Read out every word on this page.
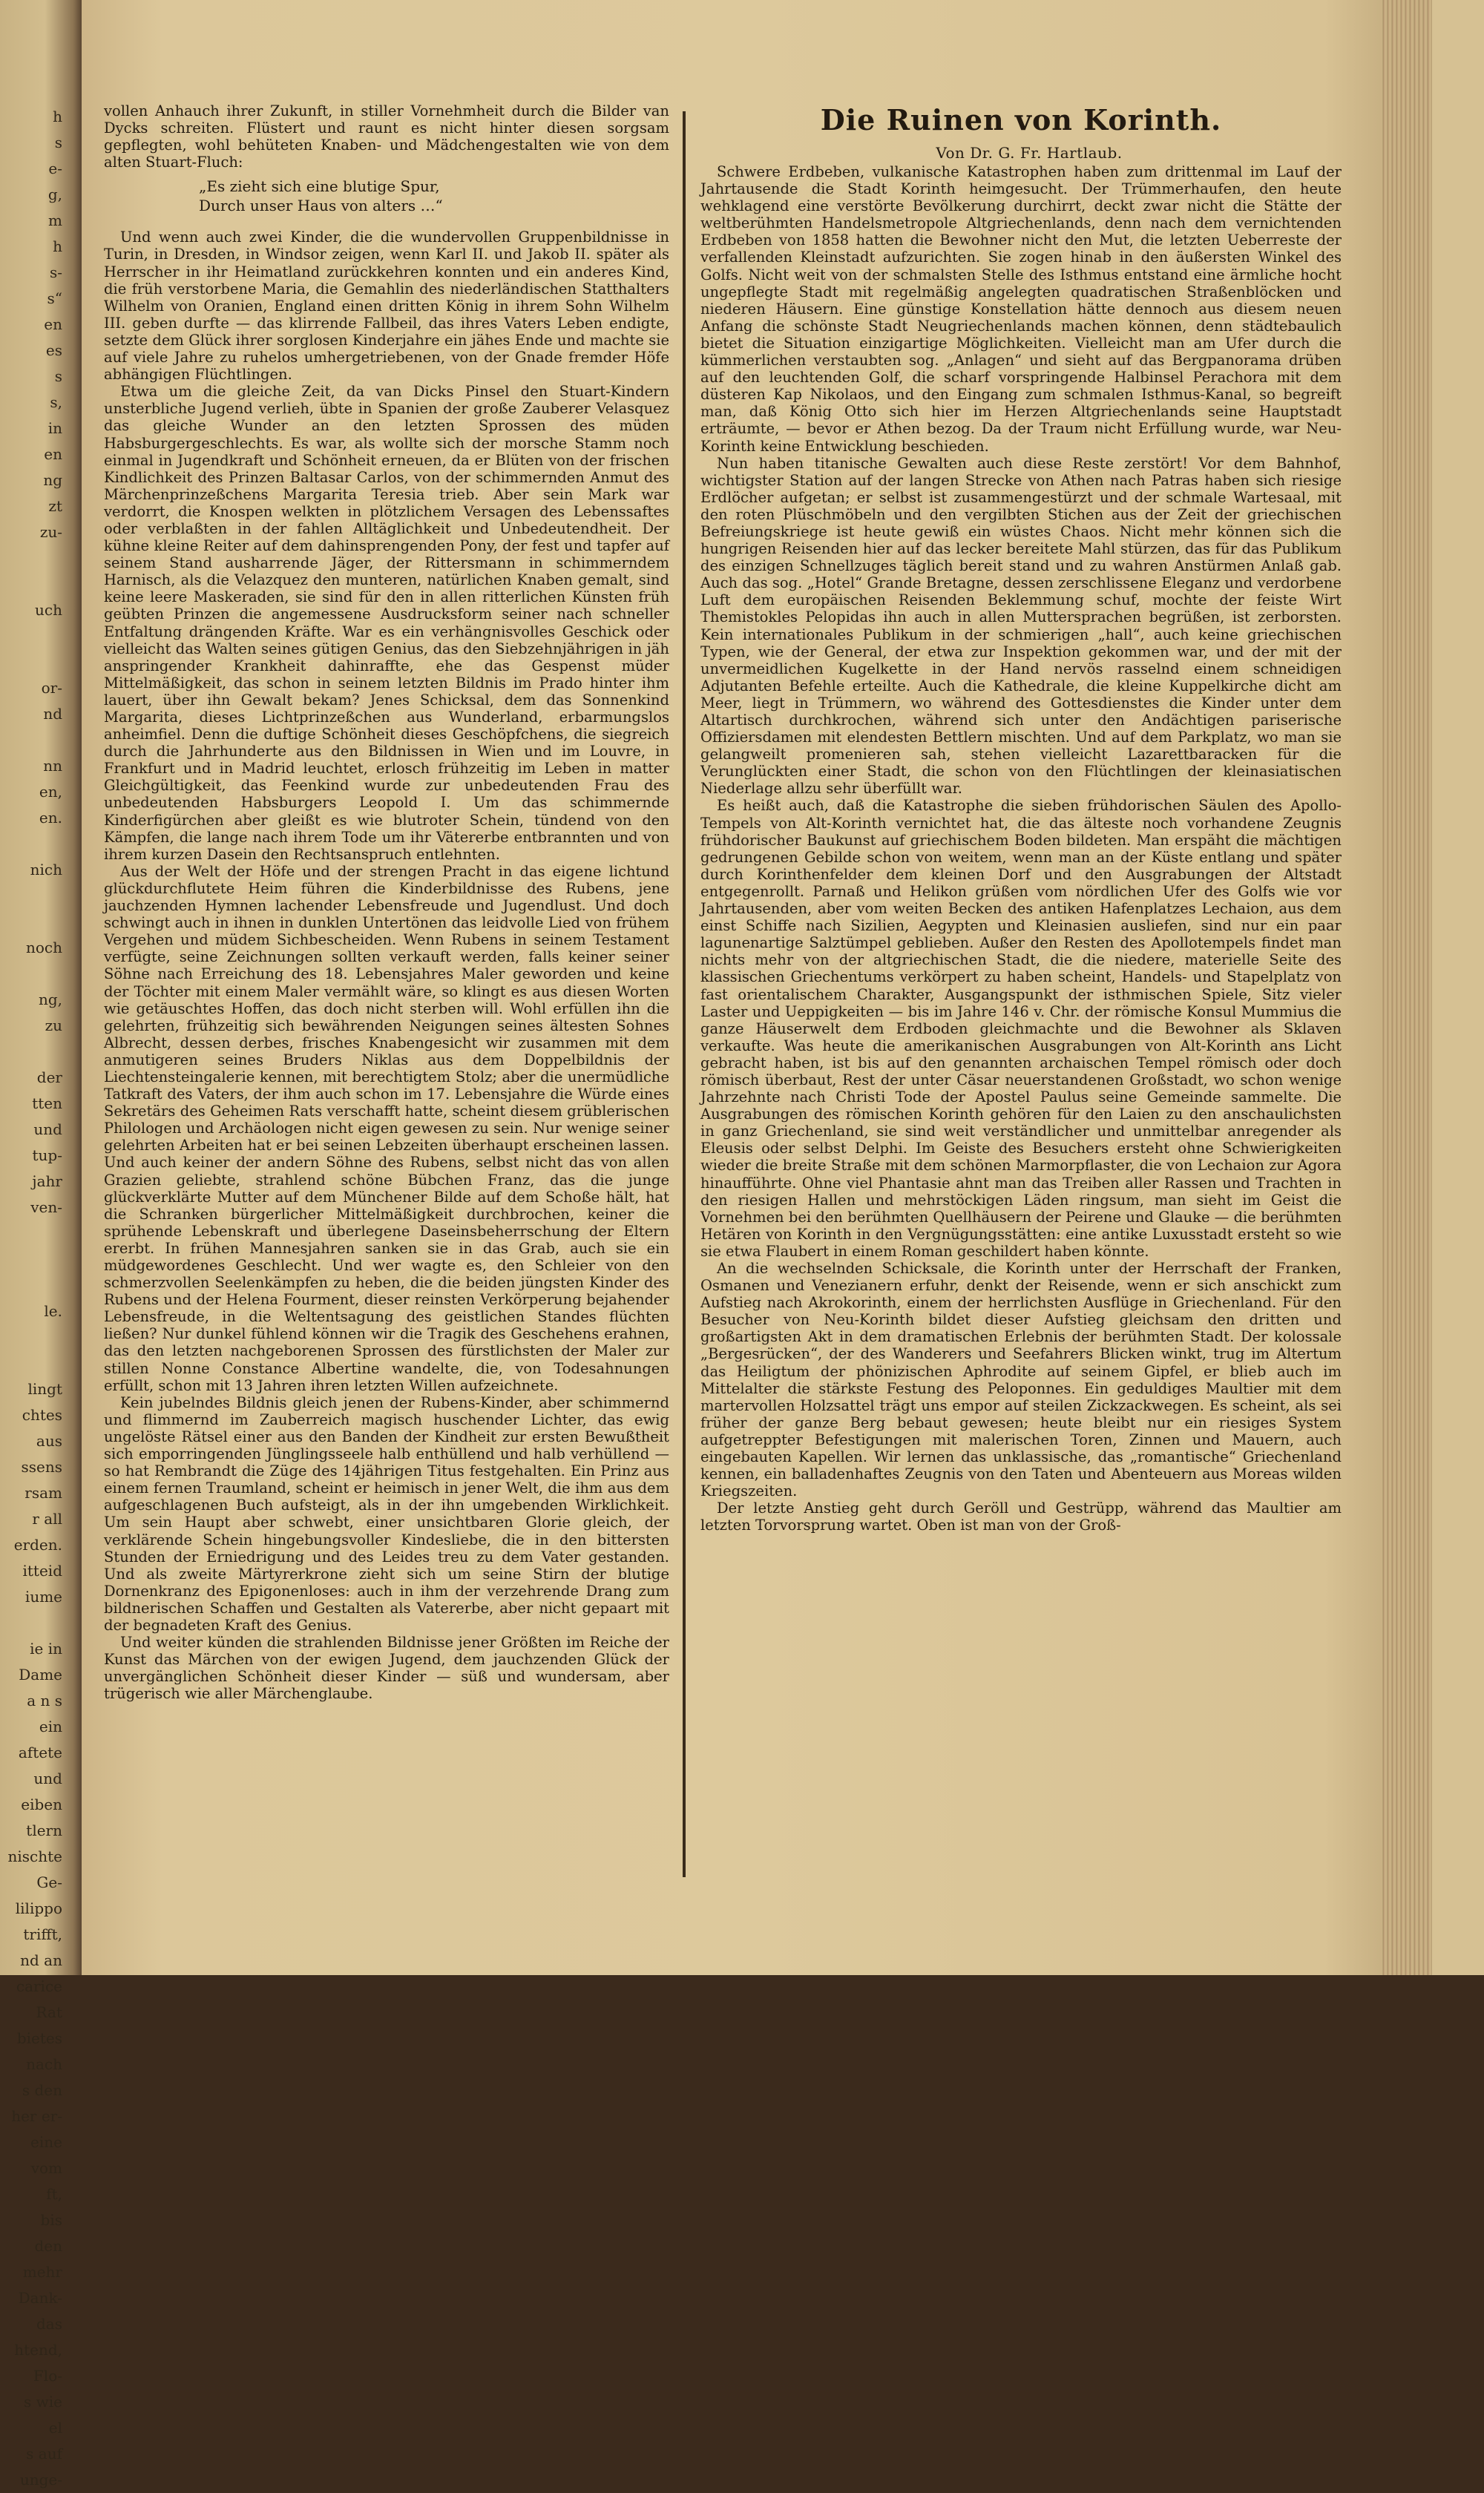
h
s
e-
g,
m
h
s-
s“
en
es
s
s,
in
en
ng
zt
zu-
uch
or-
nd
nn
en,
en.
nich
noch
ng,
zu
der
tten
und
tup-
jahr
ven-
le.
lingt
chtes
aus
ssens
rsam
r all
erden.
itteid
iume
ie in
Dame
a n s
ein
aftete
und
eiben
tlern
nischte
Ge-
lilippo
trifft,
nd an
carice
Rat
bietes
nach
s den
her er-
eine
vom
ft,
bis
den
mehr
Dank-
das
htend,
Flo-
s wie
el
s auf
unge-

vollen Anhauch ihrer Zukunft, in stiller Vornehmheit durch die Bilder van Dycks schreiten. Flüstert und raunt es nicht hinter diesen sorgsam gepflegten, wohl behüteten Knaben- und Mädchengestalten wie von dem alten Stuart-Fluch:

„Es zieht sich eine blutige Spur,
Durch unser Haus von alters …“

Und wenn auch zwei Kinder, die die wundervollen Gruppenbildnisse in Turin, in Dresden, in Windsor zeigen, wenn Karl II. und Jakob II. später als Herrscher in ihr Heimatland zurückkehren konnten und ein anderes Kind, die früh verstorbene Maria, die Gemahlin des niederländischen Statthalters Wilhelm von Oranien, England einen dritten König in ihrem Sohn Wilhelm III. geben durfte — das klirrende Fallbeil, das ihres Vaters Leben endigte, setzte dem Glück ihrer sorglosen Kinderjahre ein jähes Ende und machte sie auf viele Jahre zu ruhelos umhergetriebenen, von der Gnade fremder Höfe abhängigen Flüchtlingen.

Etwa um die gleiche Zeit, da van Dicks Pinsel den Stuart-Kindern unsterbliche Jugend verlieh, übte in Spanien der große Zauberer Velasquez das gleiche Wunder an den letzten Sprossen des müden Habsburgergeschlechts. Es war, als wollte sich der morsche Stamm noch einmal in Jugendkraft und Schönheit erneuen, da er Blüten von der frischen Kindlichkeit des Prinzen Baltasar Carlos, von der schimmernden Anmut des Märchenprinzeßchens Margarita Teresia trieb. Aber sein Mark war verdorrt, die Knospen welkten in plötzlichem Versagen des Lebenssaftes oder verblaßten in der fahlen Alltäglichkeit und Unbedeutendheit. Der kühne kleine Reiter auf dem dahinsprengenden Pony, der fest und tapfer auf seinem Stand ausharrende Jäger, der Rittersmann in schimmerndem Harnisch, als die Velazquez den munteren, natürlichen Knaben gemalt, sind keine leere Maskeraden, sie sind für den in allen ritterlichen Künsten früh geübten Prinzen die angemessene Ausdrucksform seiner nach schneller Entfaltung drängenden Kräfte. War es ein verhängnisvolles Geschick oder vielleicht das Walten seines gütigen Genius, das den Siebzehnjährigen in jäh anspringender Krankheit dahinraffte, ehe das Gespenst müder Mittelmäßigkeit, das schon in seinem letzten Bildnis im Prado hinter ihm lauert, über ihn Gewalt bekam? Jenes Schicksal, dem das Sonnenkind Margarita, dieses Lichtprinzeßchen aus Wunderland, erbarmungslos anheimfiel. Denn die duftige Schönheit dieses Geschöpfchens, die siegreich durch die Jahrhunderte aus den Bildnissen in Wien und im Louvre, in Frankfurt und in Madrid leuchtet, erlosch frühzeitig im Leben in matter Gleichgültigkeit, das Feenkind wurde zur unbedeutenden Frau des unbedeutenden Habsburgers Leopold I. Um das schimmernde Kinderfigürchen aber gleißt es wie blutroter Schein, tündend von den Kämpfen, die lange nach ihrem Tode um ihr Vätererbe entbrannten und von ihrem kurzen Dasein den Rechtsanspruch entlehnten.

Aus der Welt der Höfe und der strengen Pracht in das eigene lichtund glückdurchflutete Heim führen die Kinderbildnisse des Rubens, jene jauchzenden Hymnen lachender Lebensfreude und Jugendlust. Und doch schwingt auch in ihnen in dunklen Untertönen das leidvolle Lied von frühem Vergehen und müdem Sichbescheiden. Wenn Rubens in seinem Testament verfügte, seine Zeichnungen sollten verkauft werden, falls keiner seiner Söhne nach Erreichung des 18. Lebensjahres Maler geworden und keine der Töchter mit einem Maler vermählt wäre, so klingt es aus diesen Worten wie getäuschtes Hoffen, das doch nicht sterben will. Wohl erfüllen ihn die gelehrten, frühzeitig sich bewährenden Neigungen seines ältesten Sohnes Albrecht, dessen derbes, frisches Knabengesicht wir zusammen mit dem anmutigeren seines Bruders Niklas aus dem Doppelbildnis der Liechtensteingalerie kennen, mit berechtigtem Stolz; aber die unermüdliche Tatkraft des Vaters, der ihm auch schon im 17. Lebensjahre die Würde eines Sekretärs des Geheimen Rats verschafft hatte, scheint diesem grüblerischen Philologen und Archäologen nicht eigen gewesen zu sein. Nur wenige seiner gelehrten Arbeiten hat er bei seinen Lebzeiten überhaupt erscheinen lassen. Und auch keiner der andern Söhne des Rubens, selbst nicht das von allen Grazien geliebte, strahlend schöne Bübchen Franz, das die junge glückverklärte Mutter auf dem Münchener Bilde auf dem Schoße hält, hat die Schranken bürgerlicher Mittelmäßigkeit durchbrochen, keiner die sprühende Lebenskraft und überlegene Daseinsbeherrschung der Eltern ererbt. In frühen Mannesjahren sanken sie in das Grab, auch sie ein müdgewordenes Geschlecht. Und wer wagte es, den Schleier von den schmerzvollen Seelenkämpfen zu heben, die die beiden jüngsten Kinder des Rubens und der Helena Fourment, dieser reinsten Verkörperung bejahender Lebensfreude, in die Weltentsagung des geistlichen Standes flüchten ließen? Nur dunkel fühlend können wir die Tragik des Geschehens erahnen, das den letzten nachgeborenen Sprossen des fürstlichsten der Maler zur stillen Nonne Constance Albertine wandelte, die, von Todesahnungen erfüllt, schon mit 13 Jahren ihren letzten Willen aufzeichnete.

Kein jubelndes Bildnis gleich jenen der Rubens-Kinder, aber schimmernd und flimmernd im Zauberreich magisch huschender Lichter, das ewig ungelöste Rätsel einer aus den Banden der Kindheit zur ersten Bewußtheit sich emporringenden Jünglingsseele halb enthüllend und halb verhüllend — so hat Rembrandt die Züge des 14jährigen Titus festgehalten. Ein Prinz aus einem fernen Traumland, scheint er heimisch in jener Welt, die ihm aus dem aufgeschlagenen Buch aufsteigt, als in der ihn umgebenden Wirklichkeit. Um sein Haupt aber schwebt, einer unsichtbaren Glorie gleich, der verklärende Schein hingebungsvoller Kindesliebe, die in den bittersten Stunden der Erniedrigung und des Leides treu zu dem Vater gestanden. Und als zweite Märtyrerkrone zieht sich um seine Stirn der blutige Dornenkranz des Epigonenloses: auch in ihm der verzehrende Drang zum bildnerischen Schaffen und Gestalten als Vatererbe, aber nicht gepaart mit der begnadeten Kraft des Genius.

Und weiter künden die strahlenden Bildnisse jener Größten im Reiche der Kunst das Märchen von der ewigen Jugend, dem jauchzenden Glück der unvergänglichen Schönheit dieser Kinder — süß und wundersam, aber trügerisch wie aller Märchenglaube.

Die Ruinen von Korinth.

Von Dr. G. Fr. Hartlaub.

Schwere Erdbeben, vulkanische Katastrophen haben zum drittenmal im Lauf der Jahrtausende die Stadt Korinth heimgesucht. Der Trümmerhaufen, den heute wehklagend eine verstörte Bevölkerung durchirrt, deckt zwar nicht die Stätte der weltberühmten Handelsmetropole Altgriechenlands, denn nach dem vernichtenden Erdbeben von 1858 hatten die Bewohner nicht den Mut, die letzten Ueberreste der verfallenden Kleinstadt aufzurichten. Sie zogen hinab in den äußersten Winkel des Golfs. Nicht weit von der schmalsten Stelle des Isthmus entstand eine ärmliche hocht ungepflegte Stadt mit regelmäßig angelegten quadratischen Straßenblöcken und niederen Häusern. Eine günstige Konstellation hätte dennoch aus diesem neuen Anfang die schönste Stadt Neugriechenlands machen können, denn städtebaulich bietet die Situation einzigartige Möglichkeiten. Vielleicht man am Ufer durch die kümmerlichen verstaubten sog. „Anlagen“ und sieht auf das Bergpanorama drüben auf den leuchtenden Golf, die scharf vorspringende Halbinsel Perachora mit dem düsteren Kap Nikolaos, und den Eingang zum schmalen Isthmus-Kanal, so begreift man, daß König Otto sich hier im Herzen Altgriechenlands seine Hauptstadt erträumte, — bevor er Athen bezog. Da der Traum nicht Erfüllung wurde, war Neu-Korinth keine Entwicklung beschieden.

Nun haben titanische Gewalten auch diese Reste zerstört! Vor dem Bahnhof, wichtigster Station auf der langen Strecke von Athen nach Patras haben sich riesige Erdlöcher aufgetan; er selbst ist zusammengestürzt und der schmale Wartesaal, mit den roten Plüschmöbeln und den vergilbten Stichen aus der Zeit der griechischen Befreiungskriege ist heute gewiß ein wüstes Chaos. Nicht mehr können sich die hungrigen Reisenden hier auf das lecker bereitete Mahl stürzen, das für das Publikum des einzigen Schnellzuges täglich bereit stand und zu wahren Anstürmen Anlaß gab. Auch das sog. „Hotel“ Grande Bretagne, dessen zerschlissene Eleganz und verdorbene Luft dem europäischen Reisenden Beklemmung schuf, mochte der feiste Wirt Themistokles Pelopidas ihn auch in allen Muttersprachen begrüßen, ist zerborsten. Kein internationales Publikum in der schmierigen „hall“, auch keine griechischen Typen, wie der General, der etwa zur Inspektion gekommen war, und der mit der unvermeidlichen Kugelkette in der Hand nervös rasselnd einem schneidigen Adjutanten Befehle erteilte. Auch die Kathedrale, die kleine Kuppelkirche dicht am Meer, liegt in Trümmern, wo während des Gottesdienstes die Kinder unter dem Altartisch durchkrochen, während sich unter den Andächtigen pariserische Offiziersdamen mit elendesten Bettlern mischten. Und auf dem Parkplatz, wo man sie gelangweilt promenieren sah, stehen vielleicht Lazarettbaracken für die Verunglückten einer Stadt, die schon von den Flüchtlingen der kleinasiatischen Niederlage allzu sehr überfüllt war.

Es heißt auch, daß die Katastrophe die sieben frühdorischen Säulen des Apollo-Tempels von Alt-Korinth vernichtet hat, die das älteste noch vorhandene Zeugnis frühdorischer Baukunst auf griechischem Boden bildeten. Man erspäht die mächtigen gedrungenen Gebilde schon von weitem, wenn man an der Küste entlang und später durch Korinthenfelder dem kleinen Dorf und den Ausgrabungen der Altstadt entgegenrollt. Parnaß und Helikon grüßen vom nördlichen Ufer des Golfs wie vor Jahrtausenden, aber vom weiten Becken des antiken Hafenplatzes Lechaion, aus dem einst Schiffe nach Sizilien, Aegypten und Kleinasien ausliefen, sind nur ein paar lagunenartige Salztümpel geblieben. Außer den Resten des Apollotempels findet man nichts mehr von der altgriechischen Stadt, die die niedere, materielle Seite des klassischen Griechentums verkörpert zu haben scheint, Handels- und Stapelplatz von fast orientalischem Charakter, Ausgangspunkt der isthmischen Spiele, Sitz vieler Laster und Ueppigkeiten — bis im Jahre 146 v. Chr. der römische Konsul Mummius die ganze Häuserwelt dem Erdboden gleichmachte und die Bewohner als Sklaven verkaufte. Was heute die amerikanischen Ausgrabungen von Alt-Korinth ans Licht gebracht haben, ist bis auf den genannten archaischen Tempel römisch oder doch römisch überbaut, Rest der unter Cäsar neuerstandenen Großstadt, wo schon wenige Jahrzehnte nach Christi Tode der Apostel Paulus seine Gemeinde sammelte. Die Ausgrabungen des römischen Korinth gehören für den Laien zu den anschaulichsten in ganz Griechenland, sie sind weit verständlicher und unmittelbar anregender als Eleusis oder selbst Delphi. Im Geiste des Besuchers ersteht ohne Schwierigkeiten wieder die breite Straße mit dem schönen Marmorpflaster, die von Lechaion zur Agora hinaufführte. Ohne viel Phantasie ahnt man das Treiben aller Rassen und Trachten in den riesigen Hallen und mehrstöckigen Läden ringsum, man sieht im Geist die Vornehmen bei den berühmten Quellhäusern der Peirene und Glauke — die berühmten Hetären von Korinth in den Vergnügungsstätten: eine antike Luxusstadt ersteht so wie sie etwa Flaubert in einem Roman geschildert haben könnte.

An die wechselnden Schicksale, die Korinth unter der Herrschaft der Franken, Osmanen und Venezianern erfuhr, denkt der Reisende, wenn er sich anschickt zum Aufstieg nach Akrokorinth, einem der herrlichsten Ausflüge in Griechenland. Für den Besucher von Neu-Korinth bildet dieser Aufstieg gleichsam den dritten und großartigsten Akt in dem dramatischen Erlebnis der berühmten Stadt. Der kolossale „Bergesrücken“, der des Wanderers und Seefahrers Blicken winkt, trug im Altertum das Heiligtum der phönizischen Aphrodite auf seinem Gipfel, er blieb auch im Mittelalter die stärkste Festung des Peloponnes. Ein geduldiges Maultier mit dem martervollen Holzsattel trägt uns empor auf steilen Zickzackwegen. Es scheint, als sei früher der ganze Berg bebaut gewesen; heute bleibt nur ein riesiges System aufgetreppter Befestigungen mit malerischen Toren, Zinnen und Mauern, auch eingebauten Kapellen. Wir lernen das unklassische, das „romantische“ Griechenland kennen, ein balladenhaftes Zeugnis von den Taten und Abenteuern aus Moreas wilden Kriegszeiten.

Der letzte Anstieg geht durch Geröll und Gestrüpp, während das Maultier am letzten Torvorsprung wartet. Oben ist man von der Groß-
